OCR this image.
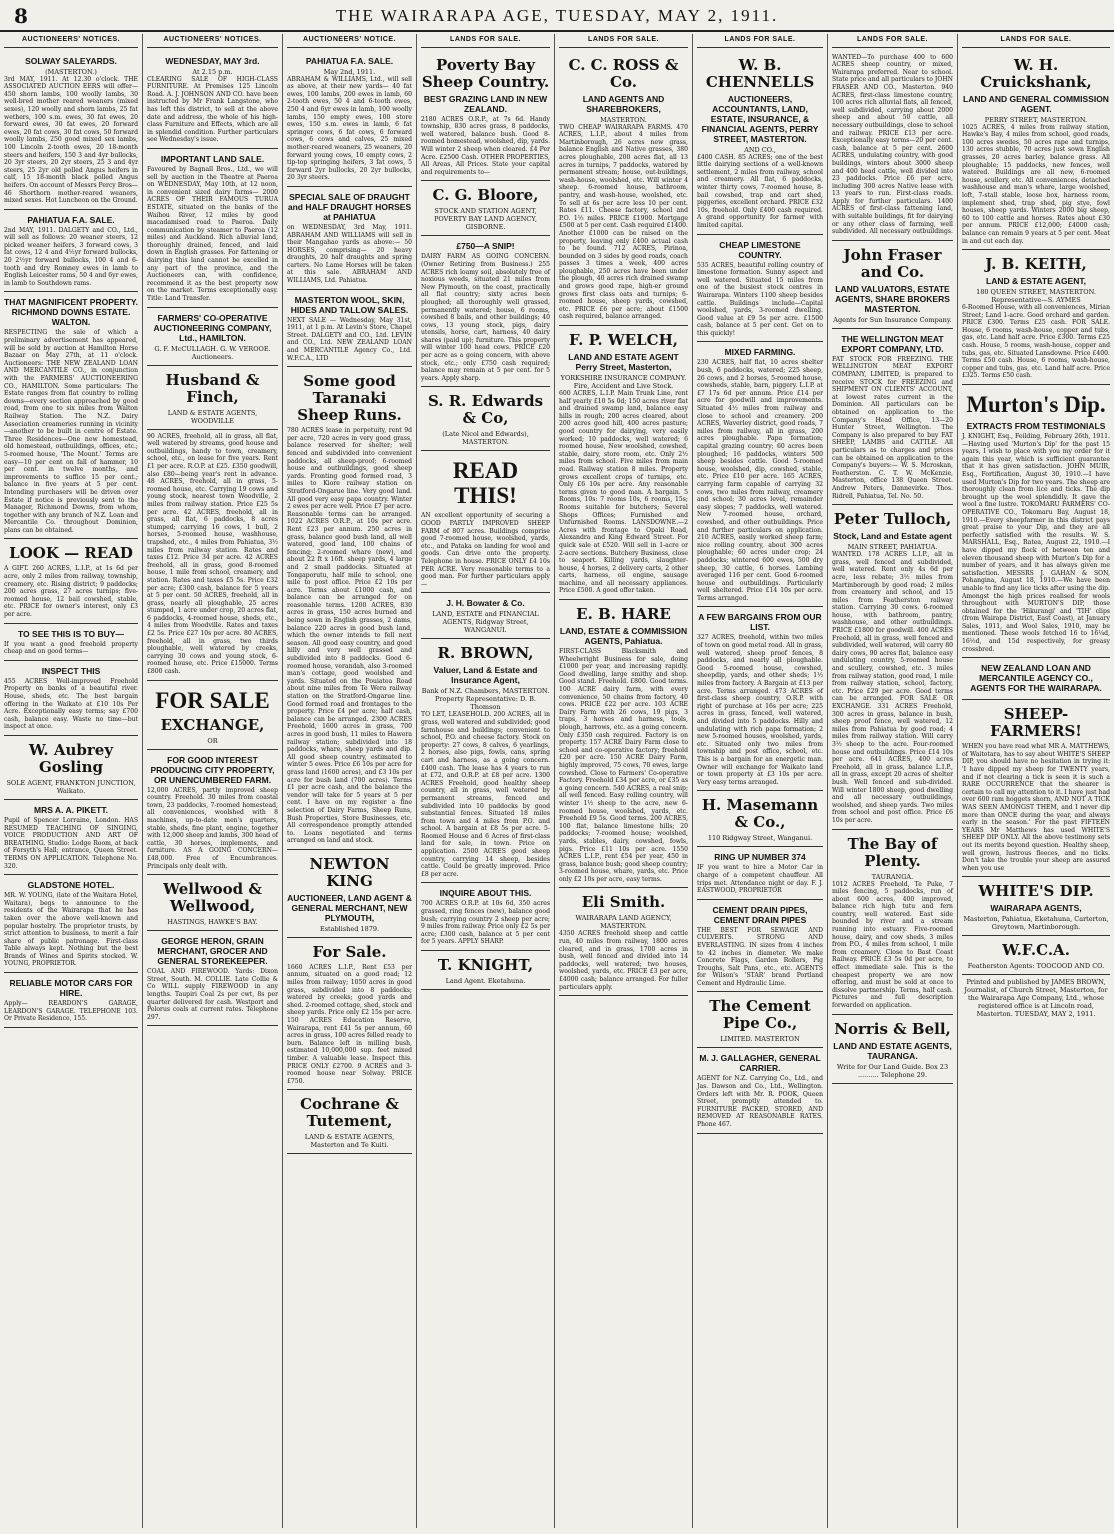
8	THE WAIRARAPA AGE, TUESDAY, MAY 2, 1911.
AUCTIONEERS' NOTICES.
SOLWAY SALEYARDS.
(MASTERTON.)
3rd MAY, 1911. At 12.30 o'clock. THE ASSOCIATED AUCTION EERS will offer— 450 shorn lambs, 100 woolly lambs, 30 well-bred mother reared weaners (mixed sexes), 120 woolly and shorn lambs, 25 fat wethers, 100 s.m. ewes, 30 fat ewes, 20 forward ewes, 30 fat ewes, 20 forward ewes, 20 fat cows, 30 fat cows, 50 forward woolly lambs, 250 good mixed sex lambs, 100 Lincoln 2-tooth ewes, 20 18-month steers and heifers, 150 3 and 4yr bullocks, 20 3yr steers, 20 2yr steers, 25 3 and 4yr steers, 25 2yr old polled Angus heifers in calf, 15 18-month black polled Angus heifers. On account of Messrs Percy Bros— 46 Shorthorn mother-reared weaners, mixed sexes. Hot Luncheon on the Ground.
PAHIATUA F.A. SALE.
2nd MAY, 1911. DALGETY and CO., Ltd., will sell as follows: 20 weaner steers, 12 picked weaner heifers, 3 forward cows, 3 fat cows, 12 4 and 4½yr forward bullocks, 20 2½yr forward bullocks, 100 4 and 6-tooth and dry Romney ewes in lamb to English Leicester rams, 50 4 and 6yr ewes, in lamb to Southdown rams.
THAT MAGNIFICENT PROPERTY. RICHMOND DOWNS ESTATE. WALTON.
RESPECTING the sale of which a preliminary advertisement has appeared, will be sold by auction at Hamilton Horse Bazaar on May 27th, at 11 o'clock. Auctioneers: THE NEW ZEALAND LOAN AND MERCANTILE CO., in conjunction with the FARMERS' AUCTIONEERING CO., HAMILTON. Some particulars: The Estate ranges from flat country to rolling downs—every section approached by good road, from one to six miles from Walton Railway Station. The N.Z. Dairy Association creameries running in vicinity—another to be built in centre of Estate. Three Residences—One new homestead, old homestead, outbuildings, offices, etc.; 5-roomed house, 'The Mount.' Terms are easy—10 per cent on fall of hammer, 10 per cent. in twelve months, and improvements to suffice 15 per cent.; balance in five years at 5 per cent. Intending purchasers will be driven over Estate if notice is previously sent to the Manager, Richmond Downs, from whom, together with any branch of N.Z. Loan and Mercantile Co. throughout Dominion, plans can be obtained.
LOOK — READ
A GIFT. 260 ACRES, L.I.P., at 1s 6d per acre, only 2 miles from railway, township, creamery, etc. Rising district; 9 paddocks; 200 acres grass, 27 acres turnips; five-roomed house, 12 bail cowshed, stable, etc. PRICE for owner's interest, only £3 per acre.
TO SEE THIS IS TO BUY—
If you want a good freehold property cheap and on good terms—
INSPECT THIS
455 ACRES Well-improved Freehold Property on banks of a beautiful river. House, sheds, etc. The best bargain offering in the Waikato at £10 10s Per Acre. Exceptionally easy terms; say £700 cash, balance easy. Waste no time—but inspect at once.
W. Aubrey Gosling
SOLE AGENT, FRANKTON JUNCTION, Waikato.
MRS A. A. PIKETT.
Pupil of Spencer Lorraine, London. HAS RESUMED TEACHING OF SINGING, VOICE PRODUCTION AND ART OF BREATHING. Studio: Lodge Room, at back of Forsyth's Hall; entrance, Queen Street. TERMS ON APPLICATION. Telephone No. 320.
GLADSTONE HOTEL.
MR. W. YOUNG, (late of the Waitara Hotel, Waitara), begs to announce to the residents of the Wairarapa that he has taken over the above well-known and popular hostelry. The proprietor trusts, by strict attention to business, to merit a fair share of public patronage. First-class Table always kept. Nothing but the best Brands of Wines and Spirits stocked. W. YOUNG, PROPRIETOR.
RELIABLE MOTOR CARS FOR HIRE.
Apply— REARDON'S GARAGE, LEARDON'S GARAGE. TELEPHONE 103. Or Private Residence, 155.
AUCTIONEERS' NOTICES.
WEDNESDAY, MAY 3rd.
At 2.15 p.m.
CLEARING SALE OF HIGH-CLASS FURNITURE. At Premises 125 Lincoln Road. A. J. JOHNSON AND CO. have been instructed by Mr Frank Langstone, who has left this district, to sell at the above date and address, the whole of his high-class Furniture and Effects, which are all in splendid condition. Further particulars see Wednesday's issue.
IMPORTANT LAND SALE.
Favoured by Bagnall Bros., Ltd., we will sell by auction in the Theatre at Paeroa on WEDNESDAY, May 10th, at 12 noon, in convenient sized dairy farms— 2000 ACRES OF THEIR FAMOUS TURUA ESTATE, situated on the banks of the Waihou River, 12 miles by good macadamised road to Paeroa. Daily communication by steamer to Paeroa (12 miles) and Auckland. Rich alluvial land, thoroughly drained, fenced, and laid down in English grasses. For fattening or dairying this land cannot be excelled in any part of the province, and the Auctioneers can, with confidence, recommend it as the best property now on the market. Terms exceptionally easy. Title: Land Transfer.
FARMERS' CO-OPERATIVE AUCTIONEERING COMPANY, Ltd., HAMILTON.
G. F. McCULLAGH. G. W. VEROOE. Auctioneers.
Husband & Finch,
LAND & ESTATE AGENTS, WOODVILLE
90 ACRES, freehold, all in grass, all flat, well watered by streams, good house and outbuildings, handy to town, creamery, school, etc., on lease for five years. Rent £1 per acre. R.O.P. at £25. £350 goodwill, also £80—being year's rent in advance. 48 ACRES, freehold, all in grass, 5-roomed house, etc. Carrying 19 cows and young stock, nearest town Woodville, 2 miles from railway station. Price £25 5s per acre. 42 ACRES, freehold, all in grass, all flat, 6 paddocks, 8 acres stumped; carrying 16 cows, 1 bull, 2 horses, 5-roomed house, washhouse, trapshed, etc., 4 miles from Pahiatua, 3½ miles from railway station. Rates and taxes £12. Price 34 per acre. 42 ACRES freehold, all in grass, good 8-roomed house, 1 mile from school, creamery, and station. Rates and taxes £5 5s. Price £32 per acre; £300 cash, balance for 5 years at 5 per cent. 50 ACRES, freehold, all in grass, nearly all ploughable, 25 acres stumped, 1 acre under crop, 20 acres flat, 6 paddocks, 4-roomed house, sheds, etc., 4 miles from Woodville. Rates and taxes £2 5s. Price £27 10s per acre. 80 ACRES, freehold, all in grass, two thirds ploughable, well watered by creeks, carrying 30 cows and young stock, 6-roomed house, etc. Price £15000. Terms £800 cash.
FOR SALE
EXCHANGE,
OR
FOR GOOD INTEREST PRODUCING CITY PROPERTY, OR UNENCUMBERED FARM.
12,000 ACRES, partly improved sheep country. Freehold. 30 miles from coastal town, 23 paddocks, 7-roomed homestead, all conveniences, woolshed with 8 machines, up-to-date men's quarters, stable, sheds, fine plant, engine, together with 12,000 sheep and lambs, 300 head of cattle, 30 horses, implements, and furniture. AS A GOING CONCERN— £48,000. Free of Encumbrances. Principals only dealt with.
Wellwood & Wellwood,
HASTINGS, HAWKE'S BAY.
GEORGE HERON, GRAIN MERCHANT, GROCER AND GENERAL STOREKEEPER.
COAL AND FIREWOOD. Yards: Dixon Street, South. M. COLLIE. Late Collie & Co WILL supply FIREWOOD in any lengths. Taupiri Coal 2s per cwt, 8s per quarter delivered for cash. Westport and Pelorus coals at current rates. Telephone 297.
AUCTIONEERS' NOTICE.
PAHIATUA F.A. SALE.
May 2nd, 1911.
ABRAHAM & WILLIAMS, Ltd., will sell as above, at their new yards— 40 fat ewes, 100 lambs, 200 ewes in lamb, 60 2-tooth ewes, 50 4 and 6-tooth ewes, 250 4 and 6yr ewes in lamb, 100 woolly lambs, 150 empty ewes, 100 store ewes, 150 s.m. ewes in lamb, 6 fat springer cows, 6 fat cows, 6 forward cows, 6 cows and calves, 25 mixed mother-reared weaners, 25 weaners, 20 forward young cows, 10 empty cows, 2 tip-top springing heifers, 3 fat cows, 5 forward 2yr bullocks, 20 2yr bullocks, 20 3yr steers.
SPECIAL SALE OF DRAUGHT and HALF DRAUGHT HORSES at PAHIATUA
on WEDNESDAY, 3rd May, 1911. ABRAHAM AND WILLIAMS will sell in their Mangahao yards as above:— 50 HORSES, comprising— 20 heavy draughts, 20 half draughts and spring carters. No Lame Horses will be taken at this sale. ABRAHAM AND WILLIAMS, Ltd. Pahiatua.
MASTERTON WOOL, SKIN, HIDES AND TALLOW SALES.
NEXT SALE — Wednesday, May 31st, 1911, at 1 p.m. At Levin's Store, Chapel Street. DALGETY and CO., Ltd. LEVIN and CO., Ltd. NEW ZEALAND LOAN and MERCANTILE Agency Co., Ltd. W.F.C.A., LTD
Some good Taranaki Sheep Runs.
780 ACRES lease in perpetuity, rent 9d per acre, 720 acres in very good grass, balance reserved for shelter; well fenced and subdivided into convenient paddocks, all sheep-proof; 6-roomed house and outbuildings, good sheep yards. Fronting good formed road, 3 miles to Kiore railway station on Stratford-Ongarue line. Very good land. All good very easy papa country. Winter 2 ewes per acre well. Price £7 per acre. Reasonable terms can be arranged. 1022 ACRES O.R.P., at 10s per acre. Rent £23 per annum. 250 acres in grass, balance good bush land, all well watered, good land, 100 chains of fencing; 2-roomed whare (new), and about 22 ft x 16ft. sheep yards, 4 large and 2 small paddocks. Situated at Tongaporutu, half mile to school, one mile to post office. Price £2 10s per acre. Terms about £1000 cash, and balance can be arranged for on reasonable terms. 1200 ACRES, 830 acres in grass, 150 acres burned and being sown in English grasses, 2 dams, balance 220 acres in good bush land, which the owner intends to fell next season. All good easy country, and good hilly and very well grassed and subdivided into 8 paddocks. Good 6-roomed house, verandah, also 3-roomed man's cottage, good woolshed and yards. Situated on the Pouiatea Road about nine miles from Te Wera railway station on the Stratford-Ongarue line. Good formed road and frontages to the property. Price £4 per acre; half cash, balance can be arranged. 2300 ACRES Freehold, 1600 acres in grass, 700 acres in good bush, 11 miles to Hawera railway station; subdivided into 18 paddocks, whare, sheep yards and dip. All good sheep country, estimated to winter 5 ewes. Price £6 10s per acre for grass land (1600 acres), and £3 10s per acre for bush land (700 acres). Terms £1 per acre cash, and the balance the vendor will take for 5 years at 5 per cent. I have on my register a fine selection of Dairy Farms, Sheep Runs, Bush Properties, Store Businesses, etc. All correspondence promptly attended to. Loans negotiated and terms arranged on land and stock.
NEWTON KING
AUCTIONEER, LAND AGENT & GENERAL MERCHANT, NEW PLYMOUTH,
Established 1879.
For Sale.
1660 ACRES L.I.P., Rent £53 per annum, situated on a good road; 12 miles from railway; 1050 acres in good grass, subdivided into 8 paddocks; watered by creeks; good yards and shed. 2-roomed cottage, shed, stock and sheep yards. Price only £2 15s per acre. 150 ACRES Education Reserve, Wairarapa, rent £41 5s per annum, 60 acres in grass, 100 acres felled ready to burn. Balance left in milling bush, estimated 10,000,000 sup. feet mixed timber. A valuable lease. Inspect this. PRICE ONLY £2700. 9 ACRES and 3-roomed house near Solway. PRICE £750.
Cochrane & Tutement,
LAND & ESTATE AGENTS, Masterton and Te Kuiti.
LANDS FOR SALE.
Poverty Bay Sheep Country.
BEST GRAZING LAND IN NEW ZEALAND.
2180 ACRES O.R.P., at 7s 6d. Handy township, 830 acres grass, 8 paddocks, well watered, balance bush. Good 8-roomed homestead, woolshed, dip, yards. Will winter 2 sheep when cleared. £4 Per Acre. £2500 Cash. OTHER PROPERTIES, All Areas, All Prices. State your capital and requirements to—
C. G. Bloore,
STOCK AND STATION AGENT, POVERTY BAY LAND AGENCY, GISBORNE.
£750—A SNIP!
DAIRY FARM AS GOING CONCERN. (Owner Retiring from Business.) 255 ACRES rich loamy soil, absolutely free of noxious weeds, situated 21 miles from New Plymouth, on the coast, practically all flat country; sixty acres been ploughed; all thoroughly well grassed, permanently watered; house, 6 rooms, cowshed 8 bails, and other buildings; 40 cows, 13 young stock, pigs, dairy utensils, horse, cart, harness, 40 dairy shares (paid up); furniture. This property will winter 100 head cows. PRICE £20 per acre as a going concern, with above stock, etc.; only £750 cash required; balance may remain at 5 per cent. for 5 years. Apply sharp.
S. R. Edwards & Co,
(Late Nicol and Edwards), MASTERTON.
READ THIS!
AN excellent opportunity of securing a GOOD PARTLY IMPROVED SHEEP FARM of 807 acres. Buildings comprise good 7-roomed house, woolshed, yards, etc., and Pataka on landing for wool and goods. Can drive onto the property. Telephone in house. PRICE ONLY £4 10s PER ACRE. Very reasonable terms to a good man. For further particulars apply—
J. H. Bowater & Co.
LAND, ESTATE and FINANCIAL AGENTS, Ridgway Street, WANGANUI.
R. BROWN,
Valuer, Land & Estate and Insurance Agent,
Bank of N.Z. Chambers, MASTERTON. Property Representative: D. B. Thomson
TO LET, LEASEHOLD. 200 ACRES, all in grass, well watered and subdivided; good farmhouse and buildings; convenient to school, P.O. and cheese factory. Stock on property: 27 cows, 8 calves, 6 yearlings, 2 horses, also pigs, fowls, cans, spring cart and harness, as a going concern. £400 cash. The lease has 4 years to run at £72, and O.R.P. at £8 per acre. 1300 ACRES Freehold, good healthy sheep country, all in grass, well watered by permanent streams, fenced and subdivided into 10 paddocks by good substantial fences. Situated 18 miles from town and 4 miles from P.O. and school. A bargain at £8 5s per acre. 5-Roomed House and 6 Acres of first-class land for sale, in town. Price on application. 2500 ACRES good sheep country, carrying 14 sheep, besides cattle. Could be greatly improved. Price £8 per acre.
INQUIRE ABOUT THIS.
700 ACRES O.R.P. at 10s 6d, 350 acres grassed, ring fences (new), balance good bush; carrying country 2 sheep per acre; 9 miles from railway. Price only £2 5s per acre; £300 cash, balance at 5 per cent for 5 years. APPLY SHARP.
T. KNIGHT,
Land Agent. Eketahuna.
LANDS FOR SALE.
C. C. ROSS & Co.
LAND AGENTS AND SHAREBROKERS,
MASTERTON.
TWO CHEAP WAIRARAPA FARMS. 470 ACRES, L.I.P., about 4 miles from Martinborough, 26 acres new grass, balance English and Native grasses, 380 acres ploughable, 200 acres flat, all 13 acres in turnips, 7 paddocks, watered by permanent stream; house, out-buildings, wash-house, woolshed, etc. Will winter 4 sheep. 6-roomed house, bathroom, pantry, and wash-house, woolshed, etc. To sell at 6s per acre less 10 per cent. Rates £11. Cheese factory, school and P.O. 1½ miles. PRICE £1900. Mortgage £500 at 5 per cent. Cash required £1400. Another £1000 can be raised on the property, leaving only £400 actual cash to be found. 712 ACRES, Pirinoa, bounded on 3 sides by good roads, coach passes 3 times a week, 400 acres ploughable, 250 acres have been under the plough, 40 acres rich drained swamp and grows good rape, high-er ground grows first class oats and turnips; 6-roomed house, sheep yards, cowshed, etc. PRICE £6 per acre; about £1500 cash required, balance arranged.
F. P. WELCH,
LAND AND ESTATE AGENT Perry Street, Masterton,
YORKSHIRE INSURANCE COMPANY. Fire, Accident and Live Stock.
600 ACRES, L.I.P. Main Trunk Line, rent half yearly £10 5s 0d; 150 acres river flat and drained swamp land, balance easy hills in rough; 200 acres cleared, about 200 acres good hill, 400 acres pasture; good country for dairying, very easily worked; 10 paddocks, well watered; 6 roomed house, New woolshed, cowshed, stable, dairy, store room, etc. Only 2½ miles from school. Five miles from main road. Railway station 8 miles. Property grows excellent crops of turnips, etc. Only £6 10s per acre. Any reasonable terms given to good man. A bargain. 5 Rooms, 10s: 7 rooms 10s, 6 rooms, 15s; Rooms suitable for butchers; Several Shops Offices; Furnished and Unfurnished Rooms. LANSDOWNE.—2 Acres with frontage to Opaki Road, Alexandra and King Edward Street. For quick sale at £520. Will sell in 1-acre or 2-acre sections. Butchery Business, close to seaport. Killing yards, slaughter-house, 4 horses, 2 delivery carts, 2 other carts, harness, oil engine, sausage machine, and all necessary appliances. Price £500. A good offer taken.
E. B. HARE
LAND, ESTATE & COMMISSION AGENTS, Pahiatua.
FIRST-CLASS Blacksmith and Wheelwright Business for sale, doing £1000 per year, and increasing rapidly. Good dwelling, large smithy and shop. Good stand. Freehold. £800. Good terms. 100 ACRE dairy farm, with every convenience, 50 chains from factory, 40 cows. PRICE £22 per acre. 103 ACRE Dairy Farm with 26 cows, 19 pigs, 3 traps, 3 horses and harness, tools, plough, harrows, etc. as a going concern. Only £350 cash required. Factory is on property. 157 ACRE Dairy Farm close to school and co-operative factory; freehold £20 per acre. 150 ACRE Dairy Farm, highly improved, 75 cows, 70 ewes, large cowshed. Close to Farmers' Co-operative Factory. Freehold £34 per acre, or £35 as a going concern. 540 ACRES, a real snip; all well fenced. Easy rolling country, will winter 1½ sheep to the acre, new 6-roomed house, woolshed, yards, etc. Freehold £9 5s. Good terms. 200 ACRES, 100 flat, balance limestone hills; 20 paddocks; 7-roomed house; woolshed, yards, stables, dairy, cowshed, fowls, pigs. Price £11 10s per acre. 1550 ACRES L.I.P., rent £54 per year, 450 in grass, balance bush; good sheep country; 3-roomed house, whare, yards, etc. Price only £2 10s per acre, easy terms.
Eli Smith.
WAIRARAPA LAND AGENCY, MASTERTON.
4350 ACRES freehold sheep and cattle run, 40 miles from railway, 1800 acres cleared, and in grass, 1700 acres in bush, well fenced and divided into 14 paddocks, well watered; two houses, woolshed, yards, etc. PRICE £3 per acre, £4000 cash; balance arranged. For fuller particulars apply.
LANDS FOR SALE.
W. B. CHENNELLS
AUCTIONEERS, ACCOUNTANTS, LAND, ESTATE, INSURANCE, & FINANCIAL AGENTS, PERRY STREET, MASTERTON.
AND CO.,
£400 CASH. 85 ACRES; one of the best little dairying sections of a well-known settlement, 2 miles from railway, school and creamery. All flat, 6 paddocks, winter thirty cows, 7-roomed house, 8-bail cowshed, trap and cart shed, piggeries, excellent orchard. PRICE £32 10s, freehold. Only £400 cash required. A grand opportunity for farmer with limited capital.
CHEAP LIMESTONE COUNTRY.
535 ACRES, beautiful rolling country of limestone formation. Sunny aspect and well watered. Situated 15 miles from one of the busiest stock centres in Wairarapa. Winters 1100 sheep besides cattle. Buildings include—Capital woolshed, yards, 3-roomed dwelling. Good value at £9 5s per acre. £1500 cash, balance at 5 per cent. Get on to this quickly!
MIXED FARMING.
230 ACRES, half flat, 10 acres shelter bush, 6 paddocks, watered; 225 sheep, 26 cows, and 2 horses, 5-roomed house, cowsheds, stable, barn, piggery. L.I.P. at £7 17s 6d per annum. Price £14 per acre for goodwill and improvements. Situated 4½ miles from railway and close to school and creamery. 200 ACRES, Waverley district, good roads, 7 miles from railway, all in grass, 200 acres ploughable. Papa formation; capital grazing country; 60 acres been ploughed; 16 paddocks, winters 500 sheep besides cattle. Good 5-roomed house, woolshed, dip, cowshed, stable, etc. Price £10 per acre. 165 ACRES, carrying farm capable of carrying 32 cows, two miles from railway, creamery and school; 30 acres level, remainder easy slopes; 7 paddocks, well watered. New 7-roomed house, orchard, cowshed, and other outbuildings. Price and further particulars on application. 210 ACRES, easily worked sheep farm; nice rolling country, about 300 acres ploughable; 60 acres under crop; 24 paddocks; wintered 600 ewes, 500 dry sheep, 30 cattle, 6 horses. Lambing averaged 116 per cent. Good 6-roomed house and outbuildings. Particularly well sheltered. Price £14 10s per acre. Terms arranged.
A FEW BARGAINS FROM OUR LIST.
327 ACRES, freehold, within two miles of town on good metal road. All in grass, well watered, sheep proof fences, 8 paddocks, and nearly all ploughable. Good 5-roomed house, cowshed, sheepdip, yards, and other sheds; 1½ miles from factory. A Bargain at £13 per acre. Terms arranged. 473 ACRES of first-class sheep country, O.R.P. with right of purchase at 16s per acre; 225 acres in grass, fenced, well watered, and divided into 5 paddocks. Hilly and undulating with rich papa formation; 2 new 5-roomed houses, woolshed, yards, etc. Situated only two miles from township and post office, school, etc. This is a bargain for an energetic man. Owner will exchange for Waikato land or town property at £3 10s per acre. Very easy terms arranged.
H. Masemann & Co.,
110 Ridgway Street, Wanganui.
RING UP NUMBER 374
IF you want to hire a Motor Car in charge of a competent chauffeur. All trips met. Attendance night or day. F. J. EASTWOOD, PROPRIETOR
CEMENT DRAIN PIPES, CEMENT DRAIN PIPES
THE BEST FOR SEWAGE AND CULVERTS. STRONG AND EVERLASTING. IN sizes from 4 inches to 42 inches in diameter. We make Concrete Flags, Garden Rollers, Pig Troughs, Salt Pans, etc., etc. AGENTS for Wilson's 'STAR' brand Portland Cement and Hydraulic Lime.
The Cement Pipe Co.,
LIMITED. MASTERTON
M. J. GALLAGHER, GENERAL CARRIER.
AGENT for N.Z. Carrying Co., Ltd., and Jas. Dawson and Co., Ltd., Wellington. Orders left with Mr. R. POOK, Queen Street, promptly attended to. FURNITURE PACKED, STORED, AND REMOVED AT REASONABLE RATES. Phone 467.
LANDS FOR SALE.
WANTED—To purchase 400 to 600 ACRES sheep country, or mixed, Wairarapa preferred. Near to school. State price and all particulars to JOHN FRASER AND CO., Masterton. 940 ACRES, first-class limestone country, 100 acres rich alluvial flats, all fenced, well subdivided, carrying about 2000 sheep and about 50 cattle, all necessary outbuildings, close to school and railway. PRICE £13 per acre. Exceptionally easy terms—20 per cent. cash, balance at 5 per cent. 2600 ACRES, undulating country, with good buildings, winters about 3000 sheep and 400 head cattle, well divided into 23 paddocks. Price £6 per acre, including 300 acres Native lease with 13 years to run. First-class roads. Apply for further particulars. 1400 ACRES of first-class fattening land, with suitable buildings, fit for dairying or any other class of farming, well subdivided. All necessary outbuildings.
John Fraser and Co.
LAND VALUATORS, ESTATE AGENTS, SHARE BROKERS MASTERTON.
Agents for Sun Insurance Company.
THE WELLINGTON MEAT EXPORT COMPANY, LTD.
FAT STOCK FOR FREEZING. THE WELLINGTON MEAT EXPORT COMPANY, LIMITED, is prepared to receive STOCK for FREEZING and SHIPMENT ON CLIENTS' ACCOUNT, at lowest rates current in the Dominion. All particulars can be obtained on application to the Company's Head Office, 13—20 Hunter Street, Wellington. The Company is also prepared to buy FAT SHEEP, LAMBS and CATTLE. All particulars as to charges and prices can be obtained on application to the Company's buyers:— W. S. Mcroskan, Featherston. C. T. W. McKenzie, Masterton, office 138 Queen Street. Andrew Peters, Dannevirke. Thos. Ridrell, Pahiatua, Tel. No. 50.
Peter Tulloch,
Stock, Land and Estate agent
MAIN STREET, PAHIATUA.
WANTED. 178 ACRES L.I.P., all in grass, well fenced and subdivided, well watered. Rent only 4s 6d per acre, less rebate; 3½ miles from Martinborough by good road; 2 miles from creamery and school, and 15 miles from Featherston railway station. Carrying 30 cows. 6-roomed house, with bathroom, pantry, washhouse, and other outbuildings. PRICE £1800 for goodwill. 400 ACRES Freehold, all in grass, well fenced and subdivided, well watered, will carry 80 dairy cows, 90 acres flat, balance easy undulating country, 5-roomed house and scullery, cowshed, etc. 3 miles from railway station, good road, 1 mile from railway station, school, factory, etc. Price £29 per acre. Good terms can be arranged. FOR SALE OR EXCHANGE. 331 ACRES Freehold, 300 acres in grass, balance in bush, sheep proof fence, well watered, 12 miles from Pahiatua by good road; 4 miles from railway station. Will carry 3½ sheep to the acre. Four-roomed house and outbuildings. Price £14 10s per acre. 641 ACRES, 400 acres Freehold, all in grass, balance L.I.P., all in grass, except 20 acres of shelter bush. Well fenced and sub-divided. Will winter 1800 sheep, good dwelling and all necessary outbuildings, woolshed, and sheep yards. Two miles from school and post office. Price £6 10s per acre.
The Bay of Plenty.
TAURANGA.
1012 ACRES Freehold, Te Puke, 7 miles fencing, 5 paddocks, run of about 600 acres, 400 improved, balance rich high tutu and fern country, well watered. East side bounded by river and a stream running into estuary. Five-roomed house, dairy, and cow sheds, 3 miles from P.O., 4 miles from school, 1 mile from creamery. Close to Bast Coast Railway. PRICE £3 5s 0d per acre, to effect immediate sale. This is the cheapest property we are now offering, and must be sold at once to dissolve partnership. Terms, half cash. Pictures and full description forwarded on application.
Norris & Bell,
LAND AND ESTATE AGENTS, TAURANGA.
Write for Our Land Guide. Box 23 .......... Telephone 29.
LANDS FOR SALE.
W. H. Cruickshank,
LAND AND GENERAL COMMISSION AGENT.
PERRY STREET, MASTERTON.
1025 ACRES, 4 miles from railway station, Hawke's Bay, 4 miles from school, good roads, 100 acres swedes, 50 acres rape and turnips, 130 acres stubble, 70 acres just sown English grasses, 20 acres barley, balance grass. All ploughable; 15 paddocks, new fences, well watered. Buildings are all new, 6-roomed house, scullery, etc. All conveniences, detached washhouse and man's whare, large woolshed, loft, 7-stall stable, loose box, harness room, implement shed, trap shed, pig stye, fowl houses, sheep yards. Winters 2000 big sheep, 60 to 100 cattle and horses. Rates about £30 per annum. PRICE £12,000; £4000 cash; balance can remain 9 years at 5 per cent. Meat in and cut each day.
J. B. KEITH,
LAND & ESTATE AGENT,
180 QUEEN STREET, MASTERTON. Representative—S. AYMES
6-Roomed House, with all conveniences, Mirian Street; Land 1-acre. Good orchard and garden. PRICE £300. Terms £25 cash. FOR SALE. House, 6 rooms, wash-house, copper and tubs, gas, etc. Land half acre. Price £300. Terms £25 cash. House, 5 rooms, wash-house, copper and tubs, gas, etc. Situated Lansdowne. Price £400. Terms £50 cash. House, 6 rooms, wash-house, copper and tubs, gas, etc. Land half acre. Price £325. Terms £50 cash.
Murton's Dip.
EXTRACTS FROM TESTIMONIALS
J. KNIGHT, Esq., Feilding, February 26th, 1911.—Having used 'Murton's Dip' for the past 15 years, I wish to place with you my order for it again this year, which is sufficient guarantee that it has given satisfaction. JOHN MUIR, Esq., Fortification, August 30, 1910.—I have used Murton's Dip for two years. The sheep are thoroughly clean from lice and ticks. The dip brought up the wool splendidly. It gave the wool a fine lustre. TOKOMARU FARMERS' CO-OPERATIVE CO., Tokomaru Bay, August 18, 1910.—Every sheepfarmer in this district pays great praise to your Dip, and they are all perfectly satisfied with the results. W. S. MARSHALL, Esq., Ratea, August 22, 1910.—I have dipped my flock of between ten and eleven thousand sheep with Murton's Dip for a number of years, and it has always given me satisfaction. MESSRS J. GAHAN & SON, Pohangina, August 18, 1910.—We have been unable to find any lice ticks after using the dip. Amongst the high prices realised for wools throughout with MURTON'S DIP, those obtained for the 'Hikurangi' and 'TIH' clips (from Wairapa District, East Coast), at January Sales, 1911, and Wool Sales, 1910, may be mentioned. These wools fetched 16 to 16¼d, 16½d, and 15d respectively, for greasy crossbred.
NEW ZEALAND LOAN AND MERCANTILE AGENCY CO., AGENTS FOR THE WAIRARAPA.
SHEEP-FARMERS!
WHEN you have read what MR A. MATTHEWS, of Waitotara, has to say about WHITE'S SHEEP DIP, you should have no hesitation in trying it: 'I have dipped my sheep for TWENTY years, and if not clearing a tick is seen it is such a RARE OCCURRENCE that the shearer is certain to call my attention to it. I have just had over 600 ram hoggets shorn, AND NOT A TICK WAS SEEN AMONGST THEM, and I never dip more than ONCE during the year, and always early in the season.' For the past FIFTEEN YEARS Mr Matthews has used WHITE'S SHEEP DIP ONLY. All the above testimony sets out its merits beyond question. Healthy sheep, well grown, lustrous fleeces, and no ticks. Don't take the trouble your sheep are assured when you use
WHITE'S DIP.
WAIRARAPA AGENTS,
Masterton, Pahiatua, Eketahuna, Carterton, Greytown, Martinborough.
W.F.C.A.
Featherston Agents: TOOCOOD AND CO.
Printed and published by JAMES BROWN, Journalist, of Church Street, Masterton, for the Wairarapa Age Company, Ltd., whose registered office is at Lincoln road, Masterton. TUESDAY, MAY 2, 1911.
